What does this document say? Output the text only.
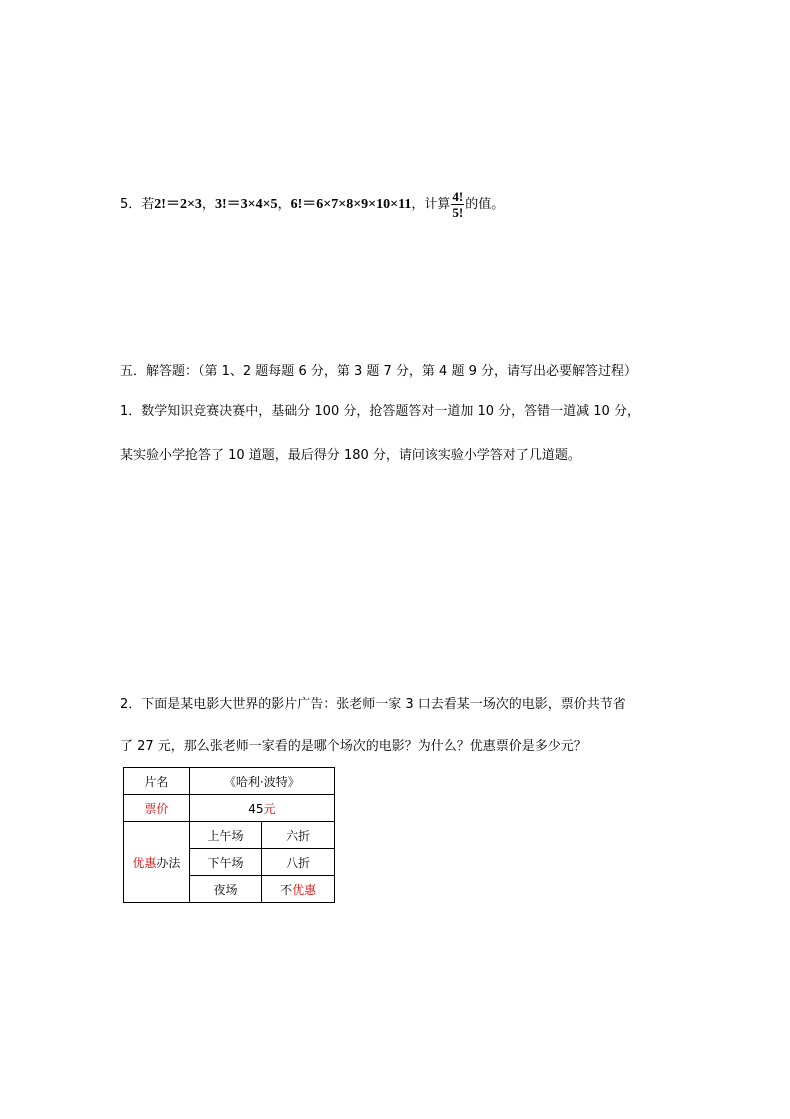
5．若2!＝2×3，3!＝3×4×5，6!＝6×7×8×9×10×11，计算 $\frac{4!}{5!}$ 的值。
五．解答题：（第 1、2 题每题 6 分，第 3 题 7 分，第 4 题 9 分，请写出必要解答过程）
1．数学知识竞赛决赛中，基础分 100 分，抢答题答对一道加 10 分，答错一道减 10 分，
某实验小学抢答了 10 道题，最后得分 180 分，请问该实验小学答对了几道题。
2．下面是某电影大世界的影片广告：张老师一家 3 口去看某一场次的电影，票价共节省
了 27 元，那么张老师一家看的是哪个场次的电影？为什么？优惠票价是多少元？
片名	《哈利·波特》	
票价	45元	
优惠办法	上午场	六折
	下午场	八折
	夜场	不优惠
